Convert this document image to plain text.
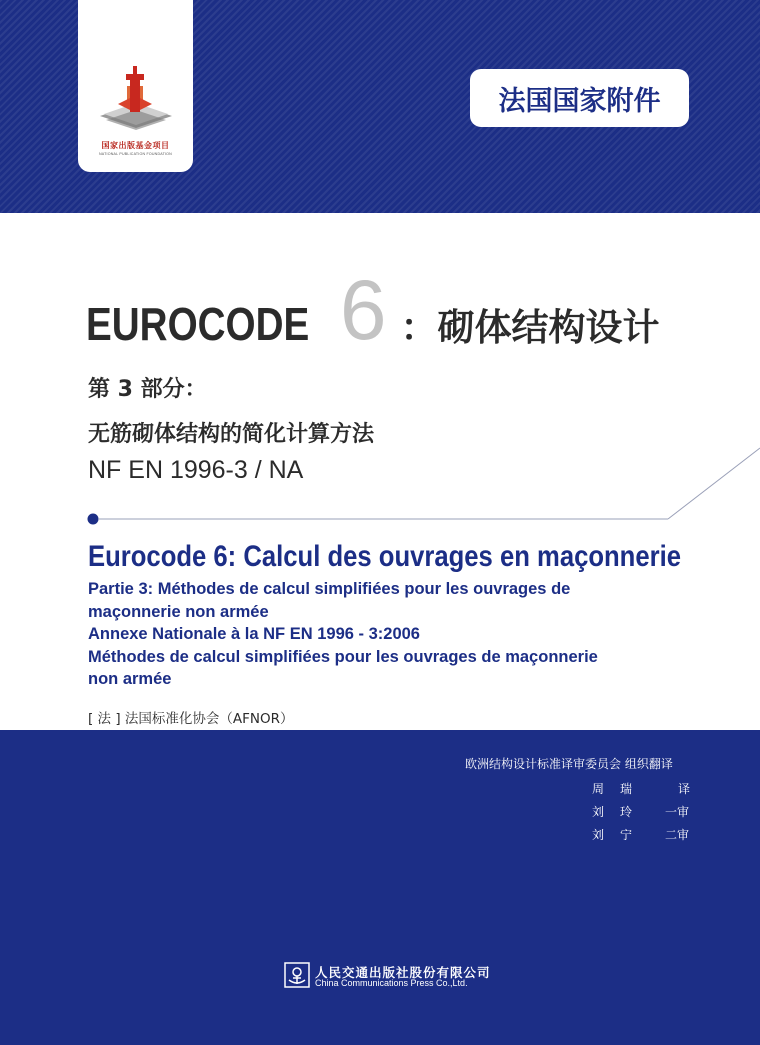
国家出版基金项目
NATIONAL PUBLICATION FOUNDATION
法国国家附件
EUROCODE 6 ：砌体结构设计
第 3 部分：
无筋砌体结构的简化计算方法
NF EN 1996-3 / NA
Eurocode 6: Calcul des ouvrages en maçonnerie
Partie 3: Méthodes de calcul simplifiées pour les ouvrages de
maçonnerie non armée
Annexe Nationale à la NF EN 1996 - 3:2006
Méthodes de calcul simplifiées pour les ouvrages de maçonnerie
non armée
[ 法 ] 法国标准化协会（AFNOR）
欧洲结构设计标准译审委员会 组织翻译
周瑞 译
刘玲 一审
刘宁 二审
人民交通出版社股份有限公司
China Communications Press Co.,Ltd.
